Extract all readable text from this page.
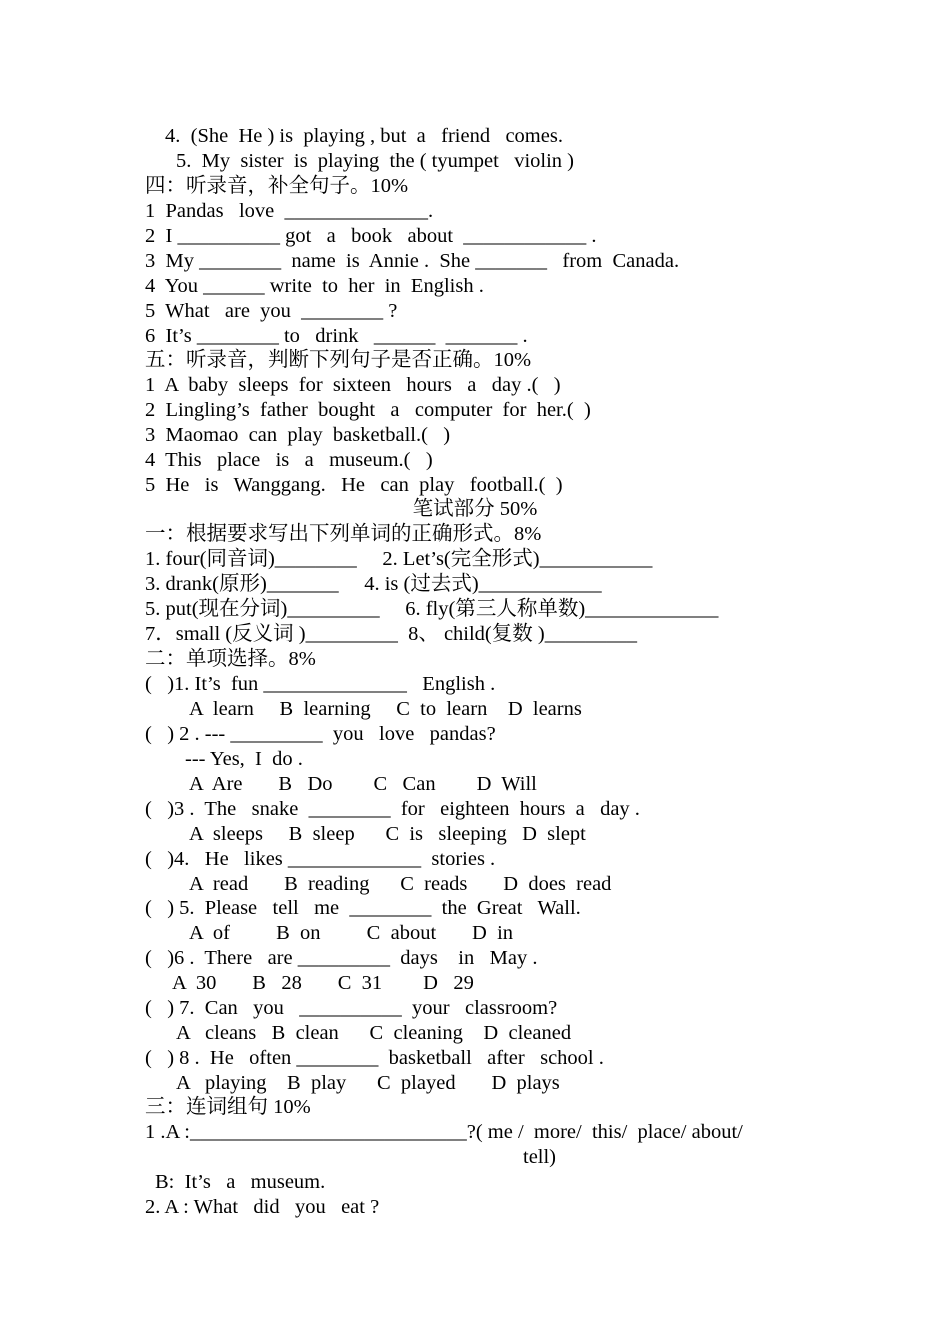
4.  (She  He ) is  playing , but  a   friend   comes.
5.  My  sister  is  playing  the ( tyumpet   violin )
四：听录音，补全句子。10%
1  Pandas   love  ______________.
2  I __________ got   a   book   about  ____________ .
3  My ________  name  is  Annie .  She _______   from  Canada.
4  You ______ write  to  her  in  English .
5  What   are  you  ________ ?
6  It’s ________ to   drink   ______  _______ .
五：听录音，判断下列句子是否正确。10%
1  A  baby  sleeps  for  sixteen   hours   a   day .(   )
2  Lingling’s  father  bought   a   computer  for  her.(  )
3  Maomao  can  play  basketball.(   )
4  This   place   is   a   museum.(   )
5  He   is   Wanggang.   He   can  play   football.(  )
笔试部分 50%
一：根据要求写出下列单词的正确形式。8%
1. four(同音词)________     2. Let’s(完全形式)___________
3. drank(原形)_______     4. is (过去式)____________
5. put(现在分词)_________     6. fly(第三人称单数)_____________
7．small (反义词 )_________  8、 child(复数 )_________
二：单项选择。8%
(   )1. It’s  fun ______________   English .
A  learn     B  learning     C  to  learn    D  learns
(   ) 2 . --- _________  you   love   pandas?
--- Yes,  I  do .
A  Are       B   Do        C   Can        D  Will
(   )3 .  The   snake  ________  for   eighteen  hours  a   day .
A  sleeps     B  sleep      C  is   sleeping   D  slept
(   )4.   He   likes _____________  stories .
A  read       B  reading      C  reads       D  does  read
(   ) 5.  Please   tell   me  ________  the  Great   Wall.
A  of         B  on         C  about       D  in
(   )6 .  There   are _________  days    in   May .
A  30       B   28       C  31        D   29
(   ) 7.  Can   you   __________  your   classroom?
A   cleans   B  clean      C  cleaning    D  cleaned
(   ) 8 .  He   often ________  basketball   after   school .
A   playing    B  play      C  played       D  plays
三：连词组句 10%
1 .A :___________________________?( me /  more/  this/  place/ about/
tell)
B:  It’s   a   museum.
2. A : What   did   you   eat ?
